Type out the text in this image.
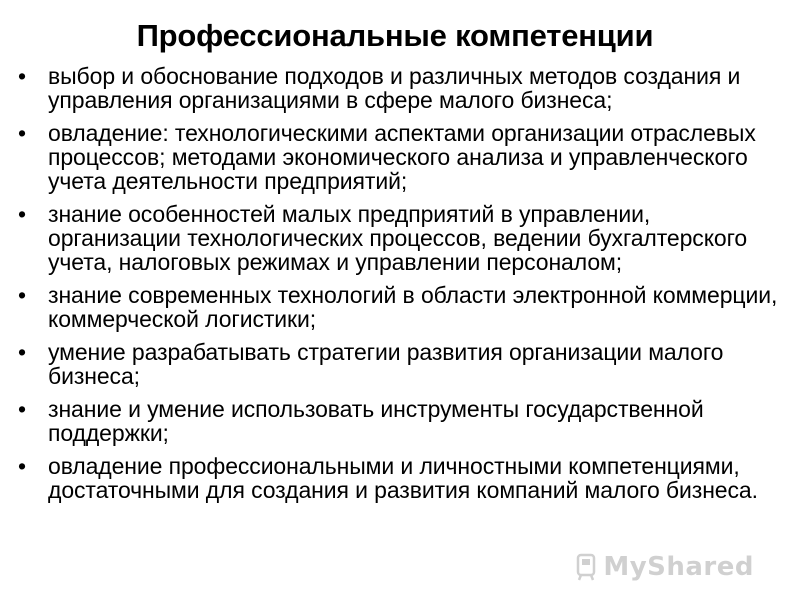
Профессиональные компетенции
• выбор и обоснование подходов и различных методов создания и управления организациями в сфере малого бизнеса;
• овладение: технологическими аспектами организации отраслевых процессов; методами экономического анализа и управленческого учета деятельности предприятий;
• знание особенностей малых предприятий в управлении, организации технологических процессов, ведении бухгалтерского учета, налоговых режимах и управлении персоналом;
• знание современных технологий в области электронной коммерции, коммерческой логистики;
• умение разрабатывать стратегии развития организации малого бизнеса;
• знание и умение использовать инструменты государственной поддержки;
• овладение профессиональными и личностными компетенциями, достаточными для создания и развития компаний малого бизнеса.
MyShared
